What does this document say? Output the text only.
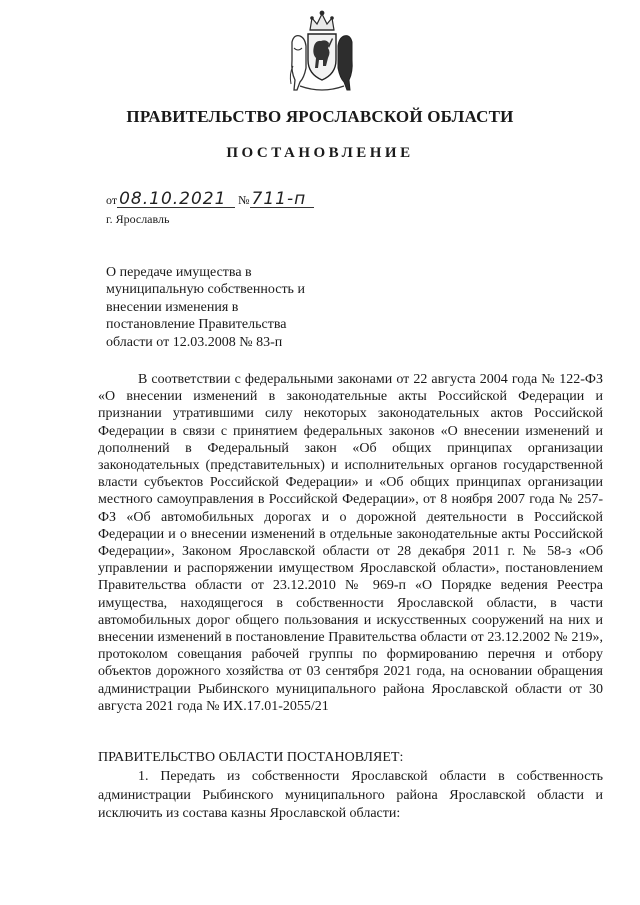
ПРАВИТЕЛЬСТВО ЯРОСЛАВСКОЙ ОБЛАСТИ
ПОСТАНОВЛЕНИЕ
от 08.10.2021 № 711-п
г. Ярославль
О передаче имущества в
муниципальную собственность и
внесении изменения в
постановление Правительства
области от 12.03.2008 № 83-п

В соответствии с федеральными законами от 22 августа 2004 года № 122-ФЗ «О внесении изменений в законодательные акты Российской Федерации и признании утратившими силу некоторых законодательных актов Российской Федерации в связи с принятием федеральных законов «О внесении изменений и дополнений в Федеральный закон «Об общих принципах организации законодательных (представительных) и исполнительных органов государственной власти субъектов Российской Федерации» и «Об общих принципах организации местного самоуправления в Российской Федерации», от 8 ноября 2007 года № 257-ФЗ «Об автомобильных дорогах и о дорожной деятельности в Российской Федерации и о внесении изменений в отдельные законодательные акты Российской Федерации», Законом Ярославской области от 28 декабря 2011 г. № 58-з «Об управлении и распоряжении имуществом Ярославской области», постановлением Правительства области от 23.12.2010 № 969-п «О Порядке ведения Реестра имущества, находящегося в собственности Ярославской области, в части автомобильных дорог общего пользования и искусственных сооружений на них и внесении изменений в постановление Правительства области от 23.12.2002 № 219», протоколом совещания рабочей группы по формированию перечня и отбору объектов дорожного хозяйства от 03 сентября 2021 года, на основании обращения администрации Рыбинского муниципального района Ярославской области от 30 августа 2021 года № ИХ.17.01-2055/21

ПРАВИТЕЛЬСТВО ОБЛАСТИ ПОСТАНОВЛЯЕТ:

1. Передать из собственности Ярославской области в собственность администрации Рыбинского муниципального района Ярославской области и исключить из состава казны Ярославской области:
